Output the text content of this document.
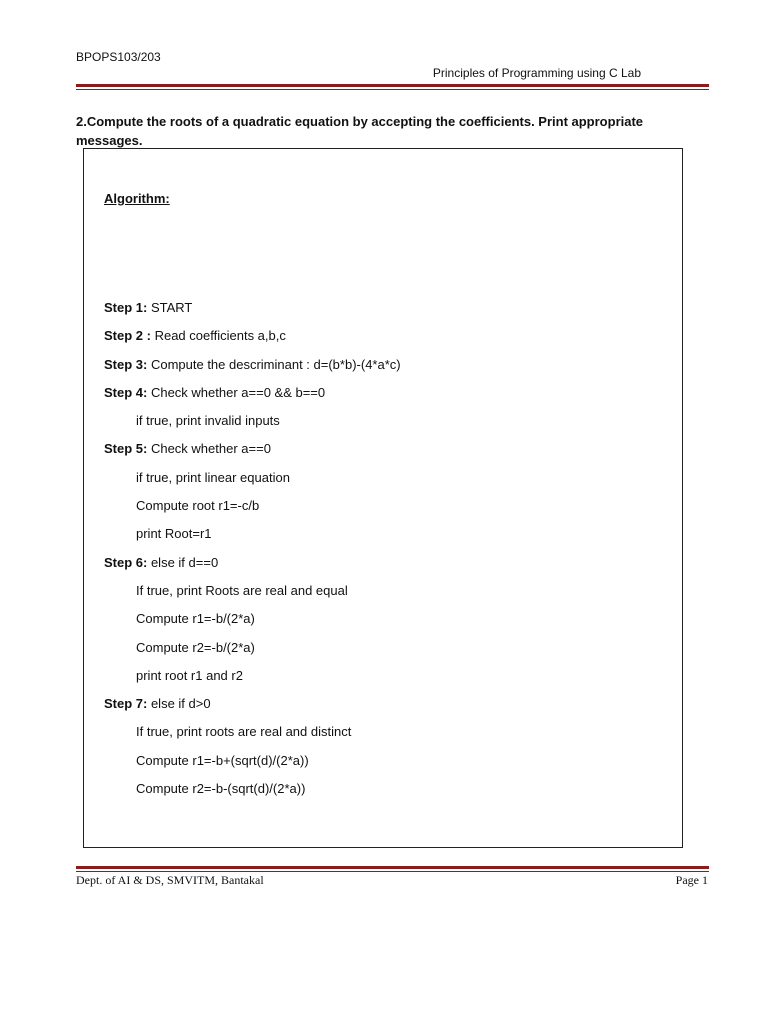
BPOPS103/203
Principles of Programming using C Lab
2.Compute the roots of a quadratic equation by accepting the coefficients. Print appropriate messages.
Algorithm:
Step 1: START
Step 2 : Read coefficients a,b,c
Step 3: Compute the descriminant : d=(b*b)-(4*a*c)
Step 4: Check whether a==0 && b==0
if true, print invalid inputs
Step 5: Check whether a==0
if true, print linear equation
Compute root r1=-c/b
print Root=r1
Step 6: else if d==0
If true, print Roots are real and equal
Compute r1=-b/(2*a)
Compute r2=-b/(2*a)
print root r1 and r2
Step 7: else if d>0
If true, print roots are real and distinct
Compute r1=-b+(sqrt(d)/(2*a))
Compute r2=-b-(sqrt(d)/(2*a))
Dept. of AI & DS, SMVITM, Bantakal	Page 1
